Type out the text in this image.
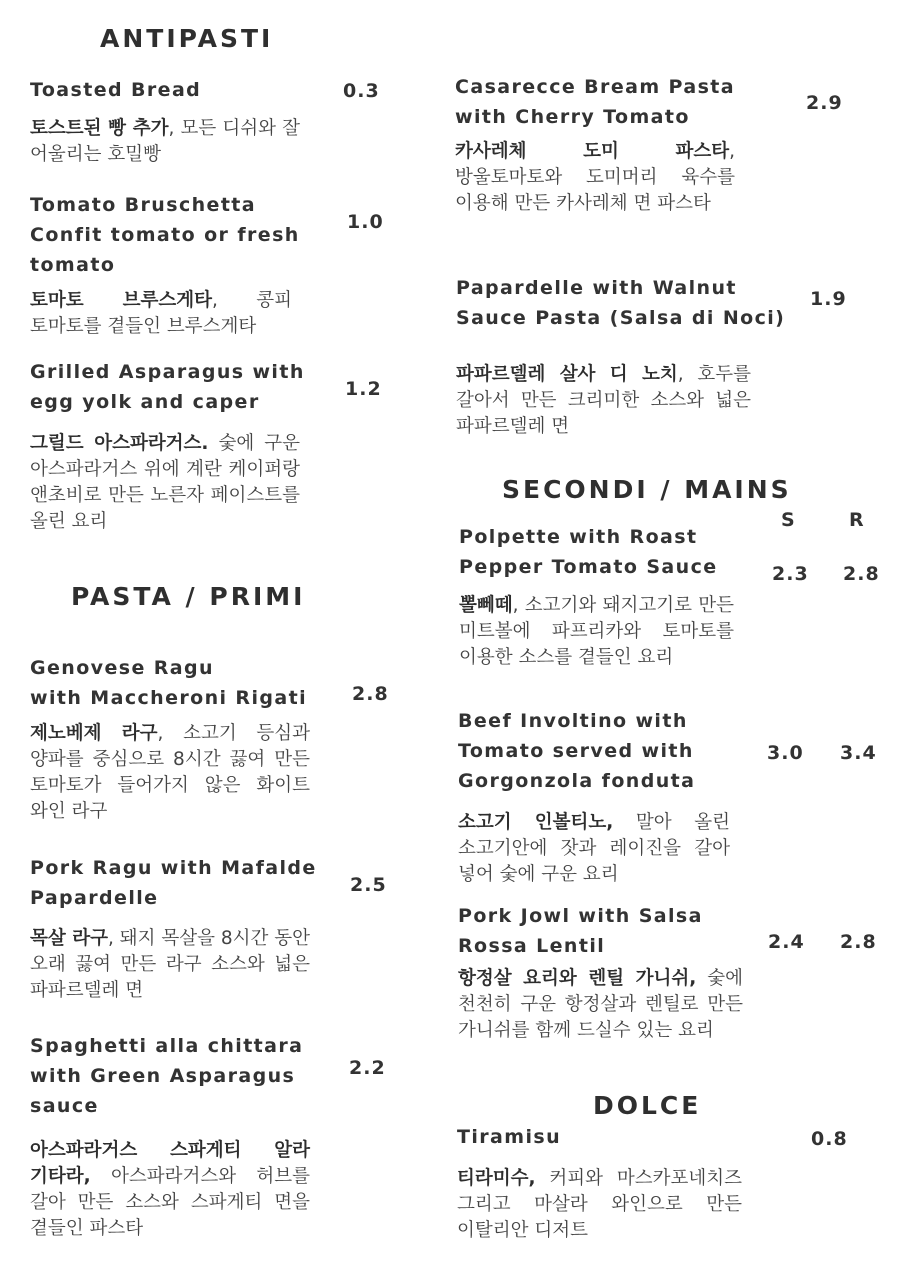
ANTIPASTI
Toasted Bread	0.3
토스트된 빵 추가, 모든 디쉬와 잘 어울리는 호밀빵
Tomato Bruschetta
Confit tomato or fresh
tomato
1.0
토마토 브루스게타, 콩피 토마토를 곁들인 브루스게타
Grilled Asparagus with
egg yolk and caper
1.2
그릴드 아스파라거스. 숯에 구운 아스파라거스 위에 계란 케이퍼랑 앤초비로 만든 노른자 페이스트를 올린 요리
PASTA / PRIMI
Genovese Ragu
with Maccheroni Rigati	2.8
제노베제 라구, 소고기 등심과 양파를 중심으로 8시간 끓여 만든 토마토가 들어가지 않은 화이트 와인 라구
Pork Ragu with Mafalde
Papardelle
2.5
목살 라구, 돼지 목살을 8시간 동안 오래 끓여 만든 라구 소스와 넓은 파파르델레 면
Spaghetti alla chittara
with Green Asparagus
sauce
2.2
아스파라거스 스파게티 알라 기타라, 아스파라거스와 허브를 갈아 만든 소스와 스파게티 면을 곁들인 파스타
Casarecce Bream Pasta
with Cherry Tomato
2.9
카사레체 도미 파스타, 방울토마토와 도미머리 육수를 이용해 만든 카사레체 면 파스타
Papardelle with Walnut
Sauce Pasta (Salsa di Noci)
1.9
파파르델레 살사 디 노치, 호두를 갈아서 만든 크리미한 소스와 넓은 파파르델레 면
SECONDI / MAINS
S	R
Polpette with Roast
Pepper Tomato Sauce	2.3 2.8
뽈뻬떼, 소고기와 돼지고기로 만든 미트볼에 파프리카와 토마토를 이용한 소스를 곁들인 요리
Beef Involtino with
Tomato served with
Gorgonzola fonduta
3.0 3.4
소고기 인볼티노, 말아 올린 소고기안에 잣과 레이진을 갈아 넣어 숯에 구운 요리
Pork Jowl with Salsa
Rossa Lentil	2.4 2.8
항정살 요리와 렌틸 가니쉬, 숯에 천천히 구운 항정살과 렌틸로 만든 가니쉬를 함께 드실수 있는 요리
DOLCE
Tiramisu	0.8
티라미수, 커피와 마스카포네치즈 그리고 마살라 와인으로 만든 이탈리안 디저트
